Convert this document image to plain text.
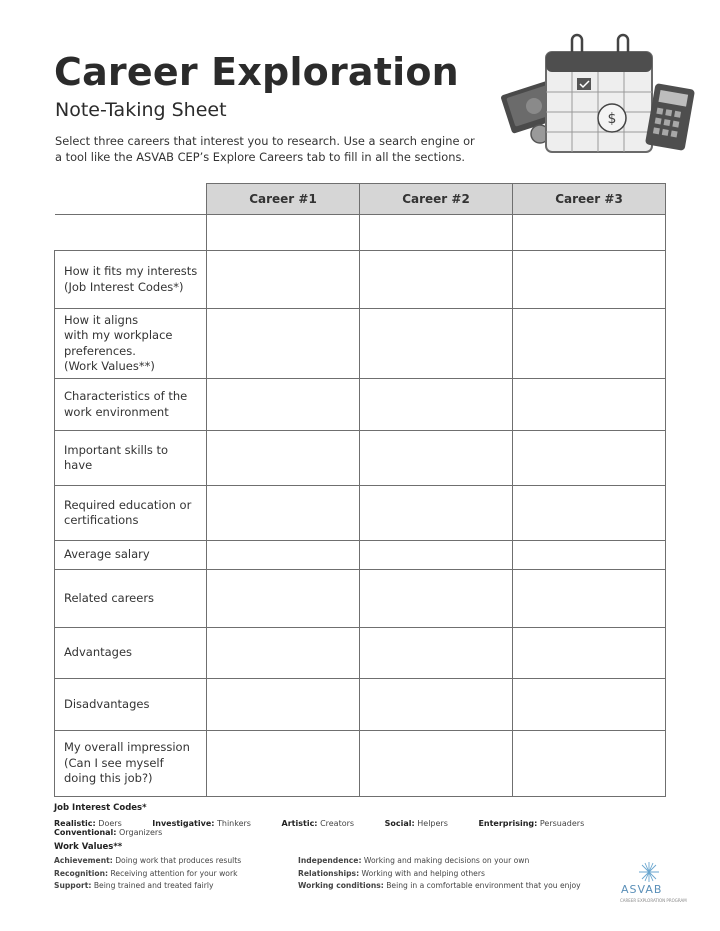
Career Exploration
Note-Taking Sheet
Select three careers that interest you to research. Use a search engine or
a tool like the ASVAB CEP’s Explore Careers tab to fill in all the sections.
$
	Career #1	Career #2	Career #3

How it fits my interests
(Job Interest Codes*)			

How it aligns
with my workplace
preferences.
(Work Values**)			

Characteristics of the
work environment			

Important skills to
have			

Required education or
certifications			

Average salary			

Related careers			

Advantages			

Disadvantages			

My overall impression
(Can I see myself
doing this job?)			

Job Interest Codes*
Realistic: Doers	Investigative: Thinkers	Artistic: Creators	Social: Helpers	Enterprising: Persuaders Conventional: Organizers
Work Values**
Achievement: Doing work that produces results
Recognition: Receiving attention for your work
Support: Being trained and treated fairly
Independence: Working and making decisions on your own
Relationships: Working with and helping others
Working conditions: Being in a comfortable environment that you enjoy	ASVAB
CAREER EXPLORATION PROGRAM
